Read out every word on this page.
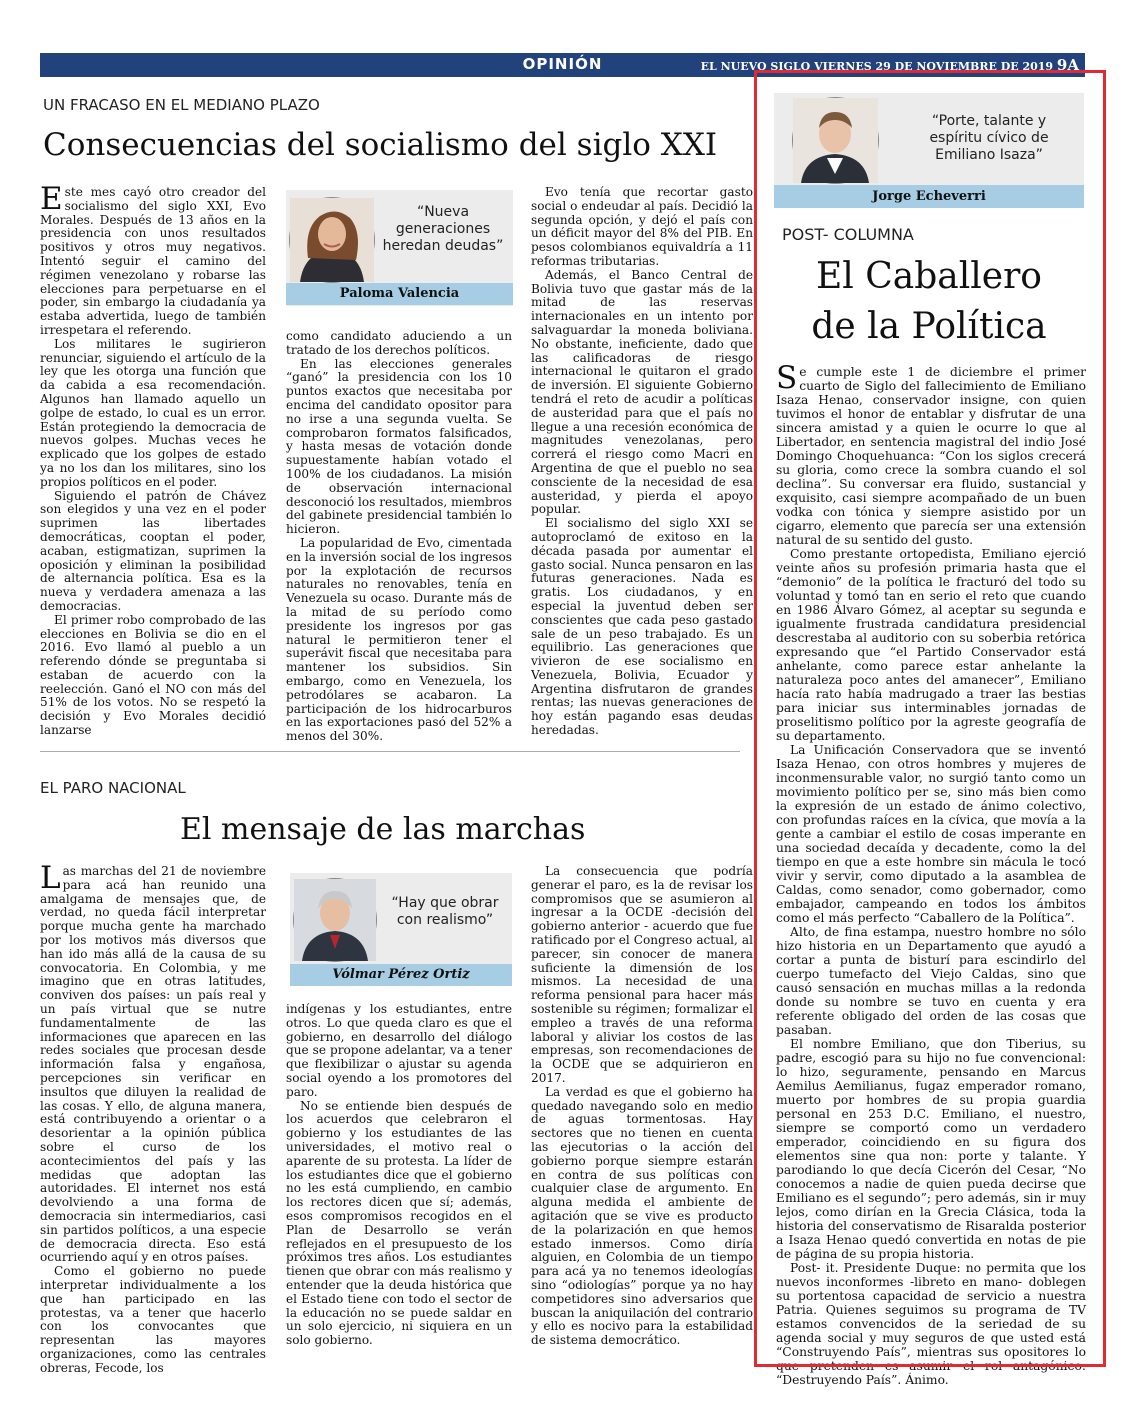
OPINIÓN	EL NUEVO SIGLO VIERNES 29 DE NOVIEMBRE DE 2019 9A
UN FRACASO EN EL MEDIANO PLAZO
Consecuencias del socialismo del siglo XXI

Este mes cayó otro creador del socialismo del siglo XXI, Evo Morales. Después de 13 años en la presidencia con unos resultados positivos y otros muy negativos. Intentó seguir el camino del régimen venezolano y robarse las elecciones para perpetuarse en el poder, sin embargo la ciudadanía ya estaba advertida, luego de también irrespetara el referendo.

Los militares le sugirieron renunciar, siguiendo el artículo de la ley que les otorga una función que da cabida a esa recomendación. Algunos han llamado aquello un golpe de estado, lo cual es un error. Están protegiendo la democracia de nuevos golpes. Muchas veces he explicado que los golpes de estado ya no los dan los militares, sino los propios políticos en el poder.

Siguiendo el patrón de Chávez son elegidos y una vez en el poder suprimen las libertades democráticas, cooptan el poder, acaban, estigmatizan, suprimen la oposición y eliminan la posibilidad de alternancia política. Esa es la nueva y verdadera amenaza a las democracias.

El primer robo comprobado de las elecciones en Bolivia se dio en el 2016. Evo llamó al pueblo a un referendo dónde se preguntaba si estaban de acuerdo con la reelección. Ganó el NO con más del 51% de los votos. No se respetó la decisión y Evo Morales decidió lanzarse

“Nueva generaciones heredan deudas”
Paloma Valencia

como candidato aduciendo a un tratado de los derechos políticos.

En las elecciones generales “ganó” la presidencia con los 10 puntos exactos que necesitaba por encima del candidato opositor para no irse a una segunda vuelta. Se comprobaron formatos falsificados, y hasta mesas de votación donde supuestamente habían votado el 100% de los ciudadanos. La misión de observación internacional desconoció los resultados, miembros del gabinete presidencial también lo hicieron.

La popularidad de Evo, cimentada en la inversión social de los ingresos por la explotación de recursos naturales no renovables, tenía en Venezuela su ocaso. Durante más de la mitad de su período como presidente los ingresos por gas natural le permitieron tener el superávit fiscal que necesitaba para mantener los subsidios. Sin embargo, como en Venezuela, los petrodólares se acabaron. La participación de los hidrocarburos en las exportaciones pasó del 52% a menos del 30%.

Evo tenía que recortar gasto social o endeudar al país. Decidió la segunda opción, y dejó el país con un déficit mayor del 8% del PIB. En pesos colombianos equivaldría a 11 reformas tributarias.

Además, el Banco Central de Bolivia tuvo que gastar más de la mitad de las reservas internacionales en un intento por salvaguardar la moneda boliviana. No obstante, ineficiente, dado que las calificadoras de riesgo internacional le quitaron el grado de inversión. El siguiente Gobierno tendrá el reto de acudir a políticas de austeridad para que el país no llegue a una recesión económica de magnitudes venezolanas, pero correrá el riesgo como Macri en Argentina de que el pueblo no sea consciente de la necesidad de esa austeridad, y pierda el apoyo popular.

El socialismo del siglo XXI se autoproclamó de exitoso en la década pasada por aumentar el gasto social. Nunca pensaron en las futuras generaciones. Nada es gratis. Los ciudadanos, y en especial la juventud deben ser conscientes que cada peso gastado sale de un peso trabajado. Es un equilibrio. Las generaciones que vivieron de ese socialismo en Venezuela, Bolivia, Ecuador y Argentina disfrutaron de grandes rentas; las nuevas generaciones de hoy están pagando esas deudas heredadas.

EL PARO NACIONAL
El mensaje de las marchas

Las marchas del 21 de noviembre para acá han reunido una amalgama de mensajes que, de verdad, no queda fácil interpretar porque mucha gente ha marchado por los motivos más diversos que han ido más allá de la causa de su convocatoria. En Colombia, y me imagino que en otras latitudes, conviven dos países: un país real y un país virtual que se nutre fundamentalmente de las informaciones que aparecen en las redes sociales que procesan desde información falsa y engañosa, percepciones sin verificar en insultos que diluyen la realidad de las cosas. Y ello, de alguna manera, está contribuyendo a orientar o a desorientar a la opinión pública sobre el curso de los acontecimientos del país y las medidas que adoptan las autoridades. El internet nos está devolviendo a una forma de democracia sin intermediarios, casi sin partidos políticos, a una especie de democracia directa. Eso está ocurriendo aquí y en otros países.

Como el gobierno no puede interpretar individualmente a los que han participado en las protestas, va a tener que hacerlo con los convocantes que representan las mayores organizaciones, como las centrales obreras, Fecode, los

“Hay que obrar con realismo”
Vólmar Pérez Ortiz

indígenas y los estudiantes, entre otros. Lo que queda claro es que el gobierno, en desarrollo del diálogo que se propone adelantar, va a tener que flexibilizar o ajustar su agenda social oyendo a los promotores del paro.

No se entiende bien después de los acuerdos que celebraron el gobierno y los estudiantes de las universidades, el motivo real o aparente de su protesta. La líder de los estudiantes dice que el gobierno no les está cumpliendo, en cambio los rectores dicen que sí; además, esos compromisos recogidos en el Plan de Desarrollo se verán reflejados en el presupuesto de los próximos tres años. Los estudiantes tienen que obrar con más realismo y entender que la deuda histórica que el Estado tiene con todo el sector de la educación no se puede saldar en un solo ejercicio, ni siquiera en un solo gobierno.

La consecuencia que podría generar el paro, es la de revisar los compromisos que se asumieron al ingresar a la OCDE -decisión del gobierno anterior - acuerdo que fue ratificado por el Congreso actual, al parecer, sin conocer de manera suficiente la dimensión de los mismos. La necesidad de una reforma pensional para hacer más sostenible su régimen; formalizar el empleo a través de una reforma laboral y aliviar los costos de las empresas, son recomendaciones de la OCDE que se adquirieron en 2017.

La verdad es que el gobierno ha quedado navegando solo en medio de aguas tormentosas. Hay sectores que no tienen en cuenta las ejecutorias o la acción del gobierno porque siempre estarán en contra de sus políticas con cualquier clase de argumento. En alguna medida el ambiente de agitación que se vive es producto de la polarización en que hemos estado inmersos. Como diría alguien, en Colombia de un tiempo para acá ya no tenemos ideologías sino “odiologías” porque ya no hay competidores sino adversarios que buscan la aniquilación del contrario y ello es nocivo para la estabilidad de sistema democrático.

“Porte, talante y espíritu cívico de Emiliano Isaza”
Jorge Echeverri
POST- COLUMNA
El Caballero
de la Política

Se cumple este 1 de diciembre el primer cuarto de Siglo del fallecimiento de Emiliano Isaza Henao, conservador insigne, con quien tuvimos el honor de entablar y disfrutar de una sincera amistad y a quien le ocurre lo que al Libertador, en sentencia magistral del indio José Domingo Choquehuanca: “Con los siglos crecerá su gloria, como crece la sombra cuando el sol declina”. Su conversar era fluido, sustancial y exquisito, casi siempre acompañado de un buen vodka con tónica y siempre asistido por un cigarro, elemento que parecía ser una extensión natural de su sentido del gusto.

Como prestante ortopedista, Emiliano ejerció veinte años su profesión primaria hasta que el “demonio” de la política le fracturó del todo su voluntad y tomó tan en serio el reto que cuando en 1986 Álvaro Gómez, al aceptar su segunda e igualmente frustrada candidatura presidencial descrestaba al auditorio con su soberbia retórica expresando que “el Partido Conservador está anhelante, como parece estar anhelante la naturaleza poco antes del amanecer”, Emiliano hacía rato había madrugado a traer las bestias para iniciar sus interminables jornadas de proselitismo político por la agreste geografía de su departamento.

La Unificación Conservadora que se inventó Isaza Henao, con otros hombres y mujeres de inconmensurable valor, no surgió tanto como un movimiento político per se, sino más bien como la expresión de un estado de ánimo colectivo, con profundas raíces en la cívica, que movía a la gente a cambiar el estilo de cosas imperante en una sociedad decaída y decadente, como la del tiempo en que a este hombre sin mácula le tocó vivir y servir, como diputado a la asamblea de Caldas, como senador, como gobernador, como embajador, campeando en todos los ámbitos como el más perfecto “Caballero de la Política”.

Alto, de fina estampa, nuestro hombre no sólo hizo historia en un Departamento que ayudó a cortar a punta de bisturí para escindirlo del cuerpo tumefacto del Viejo Caldas, sino que causó sensación en muchas millas a la redonda donde su nombre se tuvo en cuenta y era referente obligado del orden de las cosas que pasaban.

El nombre Emiliano, que don Tiberius, su padre, escogió para su hijo no fue convencional: lo hizo, seguramente, pensando en Marcus Aemilus Aemilianus, fugaz emperador romano, muerto por hombres de su propia guardia personal en 253 D.C. Emiliano, el nuestro, siempre se comportó como un verdadero emperador, coincidiendo en su figura dos elementos sine qua non: porte y talante. Y parodiando lo que decía Cicerón del Cesar, “No conocemos a nadie de quien pueda decirse que Emiliano es el segundo”; pero además, sin ir muy lejos, como dirían en la Grecia Clásica, toda la historia del conservatismo de Risaralda posterior a Isaza Henao quedó convertida en notas de pie de página de su propia historia.

Post- it. Presidente Duque: no permita que los nuevos inconformes -libreto en mano- doblegen su portentosa capacidad de servicio a nuestra Patria. Quienes seguimos su programa de TV estamos convencidos de la seriedad de su agenda social y muy seguros de que usted está “Construyendo País”, mientras sus opositores lo que pretenden es asumir el rol antagónico: “Destruyendo País”. Ánimo.
